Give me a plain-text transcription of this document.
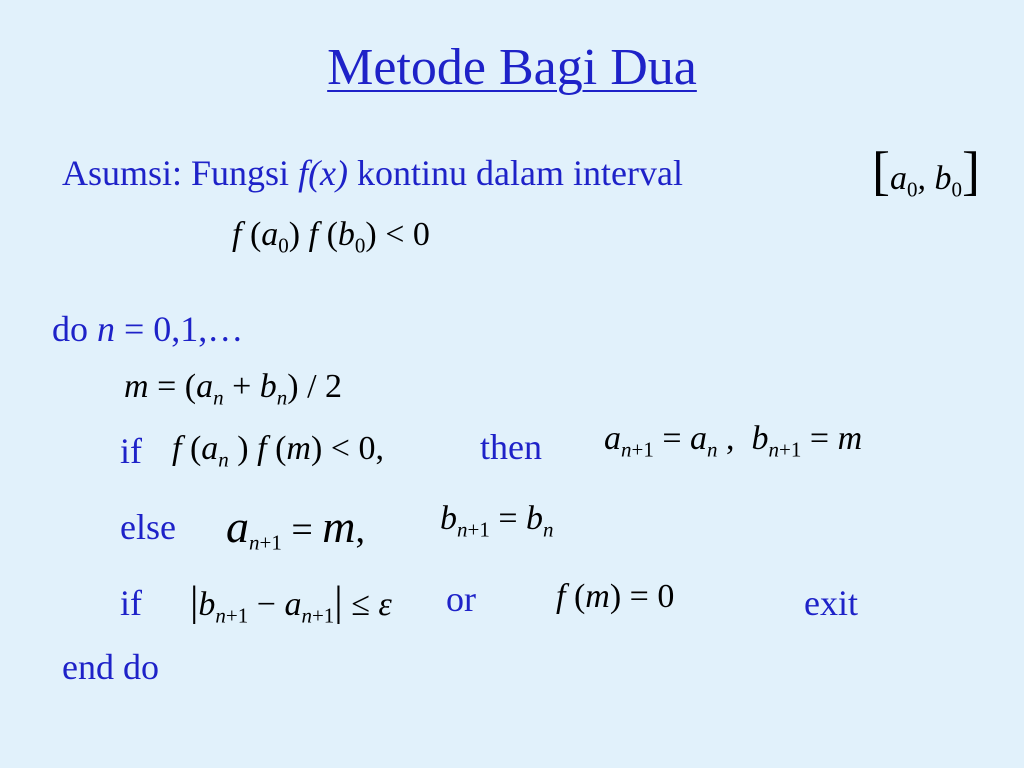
Metode Bagi Dua
Asumsi: Fungsi f(x) kontinu dalam interval	[$a_0$, $b_0$]
f $(a_0)$ f $(b_0) < 0$
do n = 0,1,…
$m = (a_n + b_n) / 2$
if f ($a_n$ ) f (m) < 0,	then $a_{n+1} = a_n$ ,  $b_{n+1} = m$
else $a_{n+1} = m$, $b_{n+1} = b_n$
if $|b_{n+1} - a_{n+1}| \le \varepsilon$ or f (m) = 0	exit
end do
